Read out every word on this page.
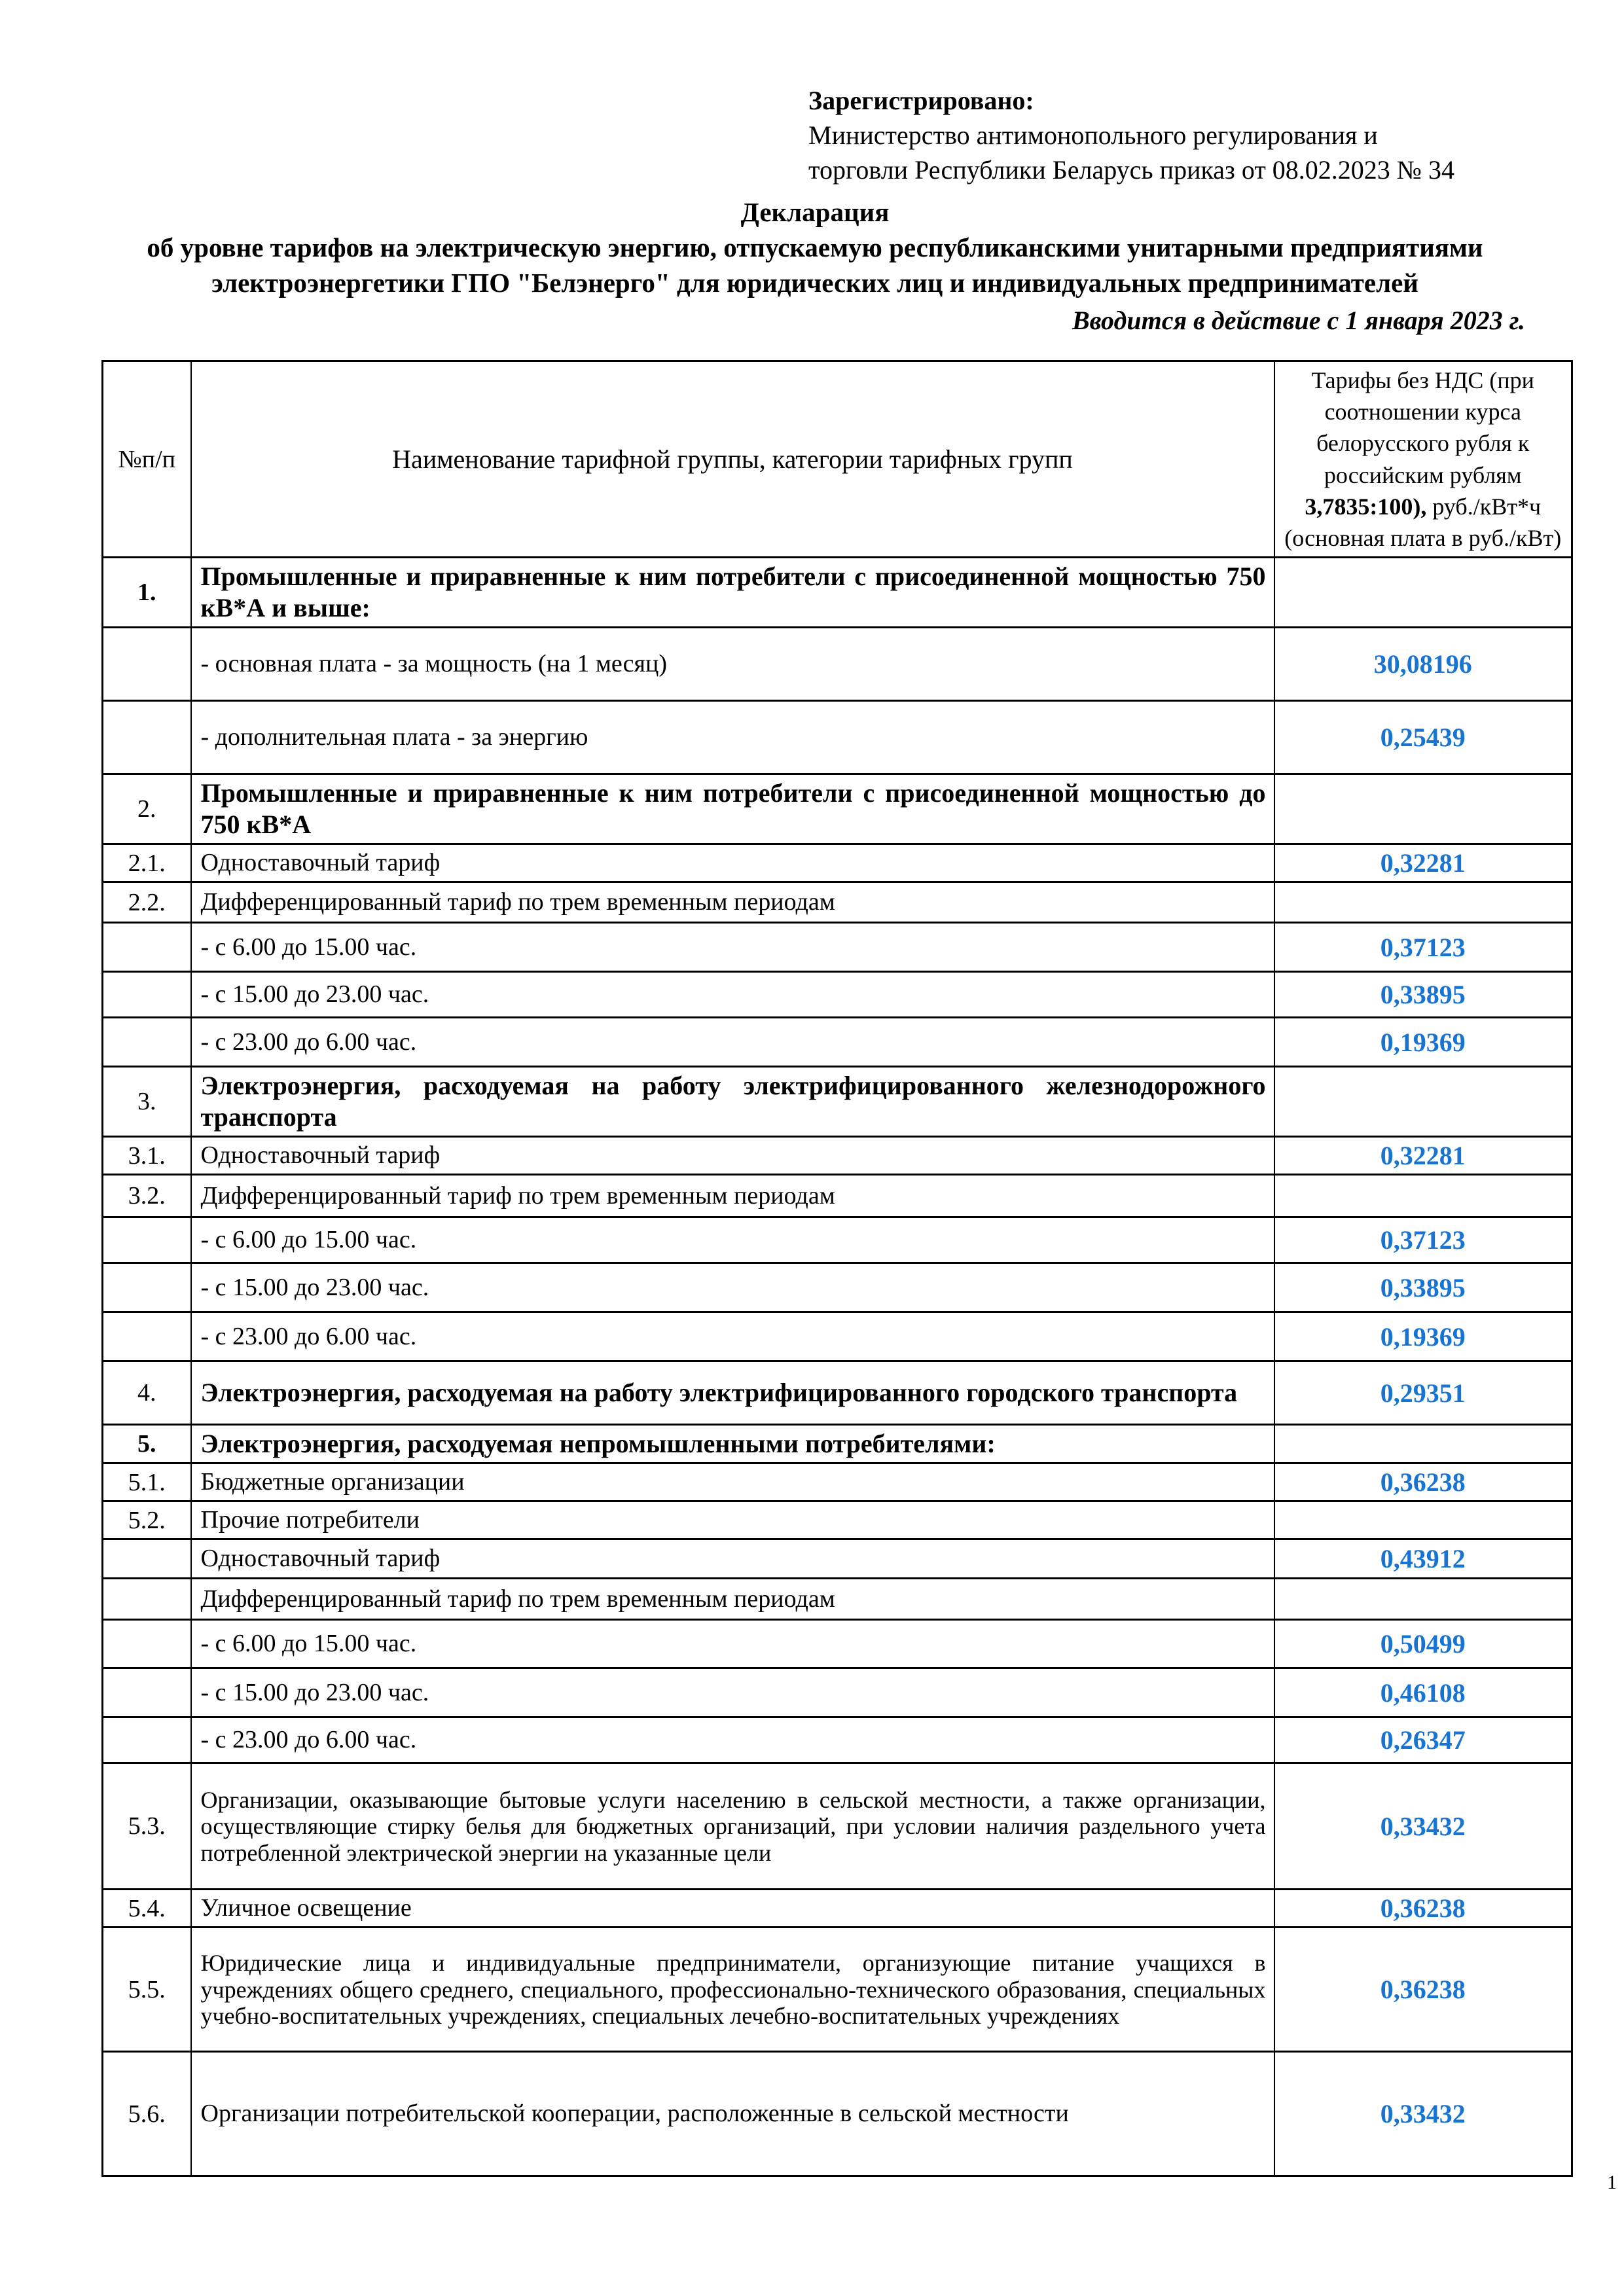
Зарегистрировано:
Министерство антимонопольного регулирования и
торговли Республики Беларусь приказ от 08.02.2023 № 34
Декларация
об уровне тарифов на электрическую энергию, отпускаемую республиканскими унитарными предприятиями
электроэнергетики ГПО "Белэнерго" для юридических лиц и индивидуальных предпринимателей
Вводится в действие с 1 января 2023 г.
№п/п	Наименование тарифной группы, категории тарифных групп	Тарифы без НДС (при соотношении курса белорусского рубля к российским рублям 3,7835:100), руб./кВт*ч (основная плата в руб./кВт)
1.	Промышленные и приравненные к ним потребители с присоединенной мощностью 750 кВ*А и выше:	
	- основная плата - за мощность (на 1 месяц)	30,08196
	- дополнительная плата - за энергию	0,25439
2.	Промышленные и приравненные к ним потребители с присоединенной мощностью до 750 кВ*А	
2.1.	Одноставочный тариф	0,32281
2.2.	Дифференцированный тариф по трем временным периодам	
	- с 6.00 до 15.00 час.	0,37123
	- с 15.00 до 23.00 час.	0,33895
	- с 23.00 до 6.00 час.	0,19369
3.	Электроэнергия, расходуемая на работу электрифицированного железнодорожного транспорта	
3.1.	Одноставочный тариф	0,32281
3.2.	Дифференцированный тариф по трем временным периодам	
	- с 6.00 до 15.00 час.	0,37123
	- с 15.00 до 23.00 час.	0,33895
	- с 23.00 до 6.00 час.	0,19369
4.	Электроэнергия, расходуемая на работу электрифицированного городского транспорта	0,29351
5.	Электроэнергия, расходуемая непромышленными потребителями:	
5.1.	Бюджетные организации	0,36238
5.2.	Прочие потребители	
	Одноставочный тариф	0,43912
	Дифференцированный тариф по трем временным периодам	
	- с 6.00 до 15.00 час.	0,50499
	- с 15.00 до 23.00 час.	0,46108
	- с 23.00 до 6.00 час.	0,26347
5.3.	Организации, оказывающие бытовые услуги населению в сельской местности, а также организации, осуществляющие стирку белья для бюджетных организаций, при условии наличия раздельного учета потребленной электрической энергии на указанные цели	0,33432
5.4.	Уличное освещение	0,36238
5.5.	Юридические лица и индивидуальные предприниматели, организующие питание учащихся в учреждениях общего среднего, специального, профессионально-технического образования, специальных учебно-воспитательных учреждениях, специальных лечебно-воспитательных учреждениях	0,36238
5.6.	Организации потребительской кооперации, расположенные в сельской местности	0,33432
1
